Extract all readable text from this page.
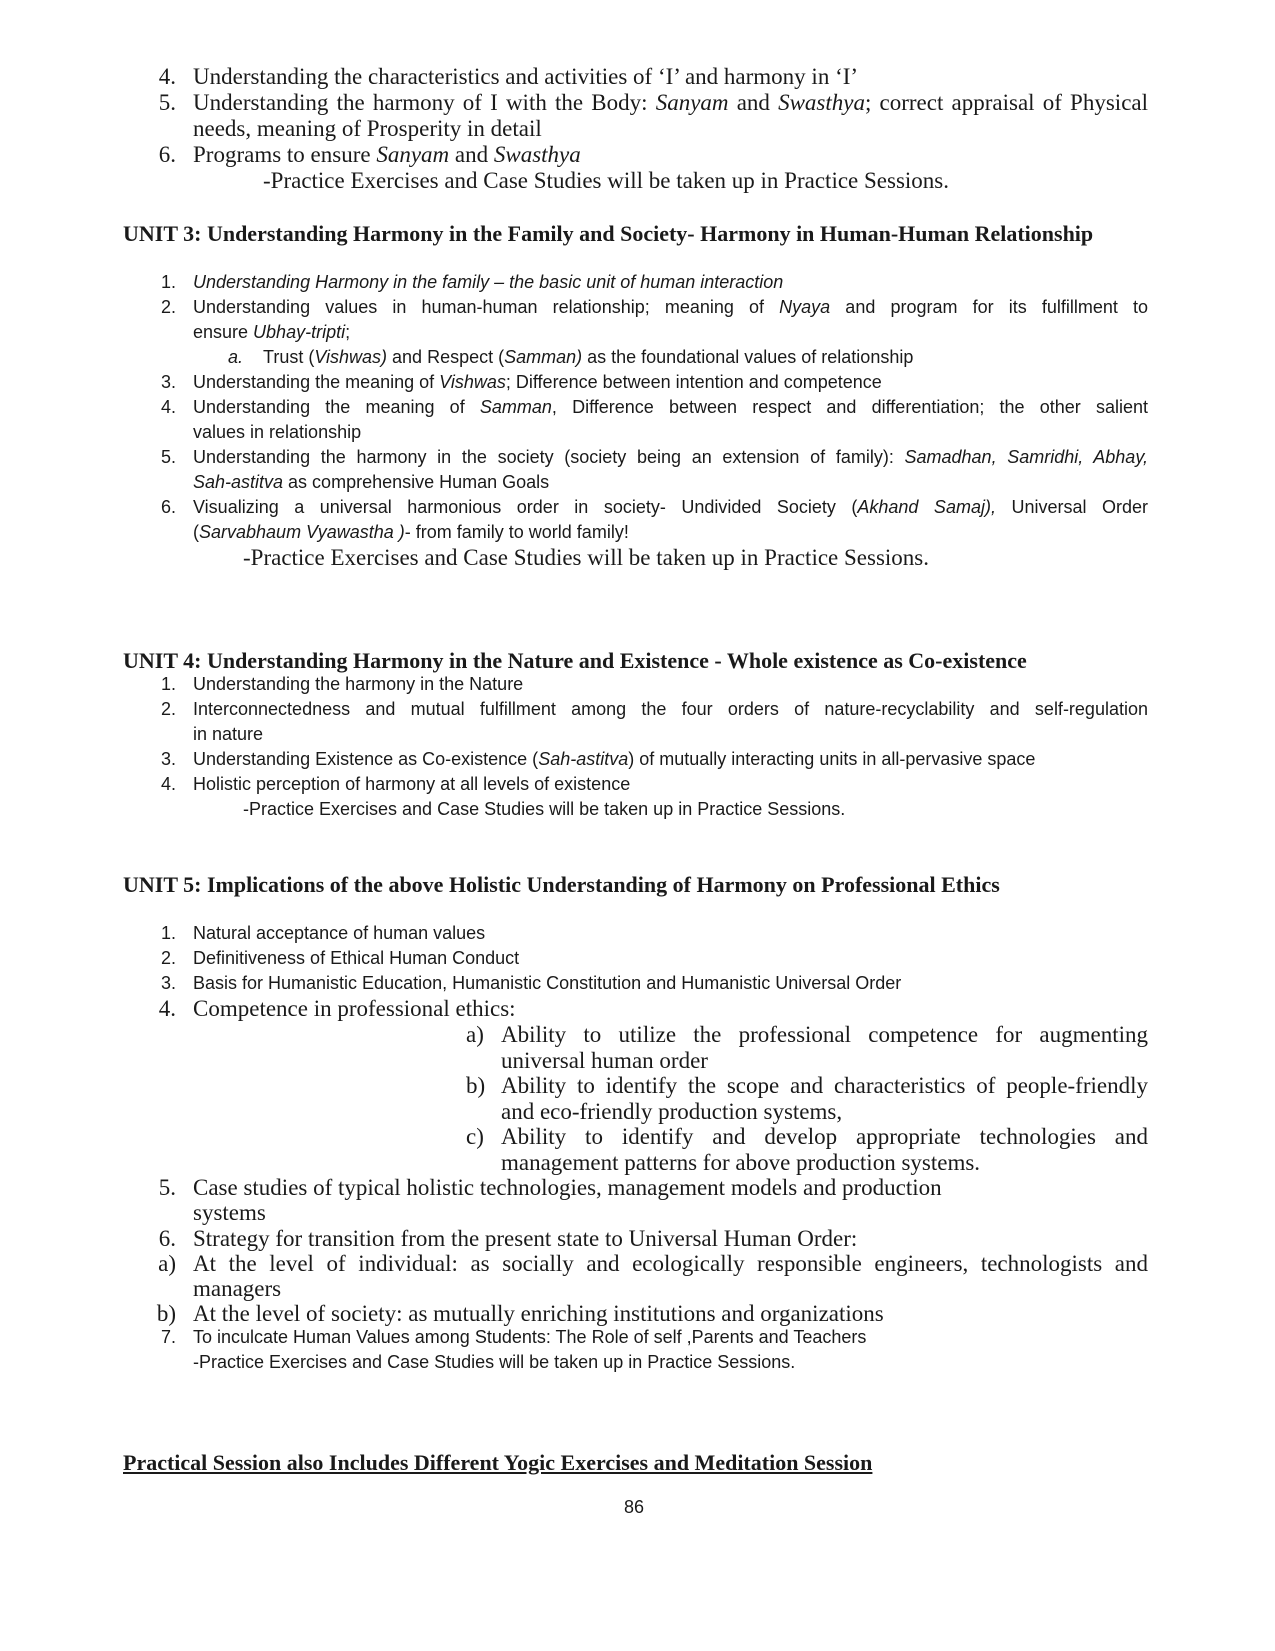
4. Understanding the characteristics and activities of ‘I’ and harmony in ‘I’
5. Understanding the harmony of I with the Body: Sanyam and Swasthya; correct appraisal of Physical
needs, meaning of Prosperity in detail
6. Programs to ensure Sanyam and Swasthya
-Practice Exercises and Case Studies will be taken up in Practice Sessions.
UNIT 3: Understanding Harmony in the Family and Society- Harmony in Human-Human Relationship
1. Understanding Harmony in the family – the basic unit of human interaction
2. Understanding values in human-human relationship; meaning of Nyaya and program for its fulfillment to
ensure Ubhay-tripti;
a. Trust (Vishwas) and Respect (Samman) as the foundational values of relationship
3. Understanding the meaning of Vishwas; Difference between intention and competence
4. Understanding the meaning of Samman, Difference between respect and differentiation; the other salient
values in relationship
5. Understanding the harmony in the society (society being an extension of family): Samadhan, Samridhi, Abhay,
Sah-astitva as comprehensive Human Goals
6. Visualizing a universal harmonious order in society- Undivided Society (Akhand Samaj), Universal Order
(Sarvabhaum Vyawastha )- from family to world family!
-Practice Exercises and Case Studies will be taken up in Practice Sessions.
UNIT 4: Understanding Harmony in the Nature and Existence - Whole existence as Co-existence
1. Understanding the harmony in the Nature
2. Interconnectedness and mutual fulfillment among the four orders of nature-recyclability and self-regulation
in nature
3. Understanding Existence as Co-existence (Sah-astitva) of mutually interacting units in all-pervasive space
4. Holistic perception of harmony at all levels of existence
-Practice Exercises and Case Studies will be taken up in Practice Sessions.
UNIT 5: Implications of the above Holistic Understanding of Harmony on Professional Ethics
1. Natural acceptance of human values
2. Definitiveness of Ethical Human Conduct
3. Basis for Humanistic Education, Humanistic Constitution and Humanistic Universal Order
4. Competence in professional ethics:
a) Ability to utilize the professional competence for augmenting
universal human order
b) Ability to identify the scope and characteristics of people-friendly
and eco-friendly production systems,
c) Ability to identify and develop appropriate technologies and
management patterns for above production systems.
5. Case studies of typical holistic technologies, management models and production
systems
6. Strategy for transition from the present state to Universal Human Order:
a) At the level of individual: as socially and ecologically responsible engineers, technologists and
managers
b) At the level of society: as mutually enriching institutions and organizations
7. To inculcate Human Values among Students: The Role of self ,Parents and Teachers
-Practice Exercises and Case Studies will be taken up in Practice Sessions.
Practical Session also Includes Different Yogic Exercises and Meditation Session
86
